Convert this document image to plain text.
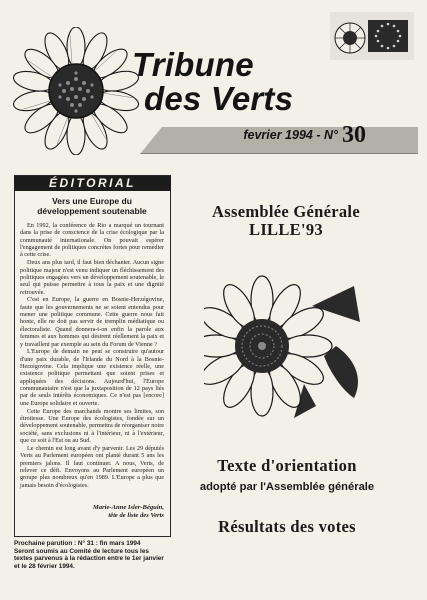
Tribune
des Verts
fevrier 1994 - N° 30
ÉDITORIAL
Vers une Europe du
développement soutenable

En 1992, la conférence de Rio a marqué un tournant dans la prise de conscience de la crise écologique par la communauté internationale. On pouvait espérer l'engagement de politiques concrètes fortes pour remédier à cette crise.

Deux ans plus tard, il faut bien déchanter. Aucun signe politique majeur n'est venu indiquer un fléchissement des politiques engagées vers un développement soutenable, le seul qui puisse permettre à tous la paix et une dignité retrouvée.

C'est en Europe, la guerre en Bosnie-Herzégovine, faute que les gouvernements ne se soient entendus pour mener une politique commune. Cette guerre nous fait honte, elle ne doit pas servir de tremplin médiatique ou électoraliste. Quand donnera-t-on enfin la parole aux femmes et aux hommes qui désirent réellement la paix et y travaillent par exemple au sein du Forum de Vienne ?

L'Europe de demain ne peut se construire qu'autour d'une paix durable, de l'Irlande du Nord à la Bosnie-Herzégovine. Cela implique une existence réelle, une existence politique permettant que soient prises et appliquées des décisions. Aujourd'hui, l'Europe communautaire n'est que la juxtaposition de 12 pays liés par de seuls intérêts économiques. Ce n'est pas [encore] une Europe solidaire et ouverte.

Cette Europe des marchands montre ses limites, son étroitesse. Une Europe des écologistes, fondée sur un développement soutenable, permettra de réorganiser notre société, sans exclusions ni à l'intérieur, ni à l'extérieur, que ce soit à l'Est ou au Sud.

Le chemin est long avant d'y parvenir. Les 29 députés Verts au Parlement européen ont planté durant 5 ans les premiers jalons. Il faut continuer. A nous, Verts, de relever ce défi. Envoyons au Parlement européen un groupe plus nombreux qu'en 1989. L'Europe a plus que jamais besoin d'écologistes.

Marie-Anne Isler-Béguin,
tête de liste des Verts
Prochaine parution : N° 31 : fin mars 1994
Seront soumis au Comité de lecture tous les
textes parvenus à la rédaction entre le 1er janvier
et le 28 février 1994.
Assemblée Générale
LILLE'93
Texte d'orientation
adopté par l'Assemblée générale
Résultats des votes
